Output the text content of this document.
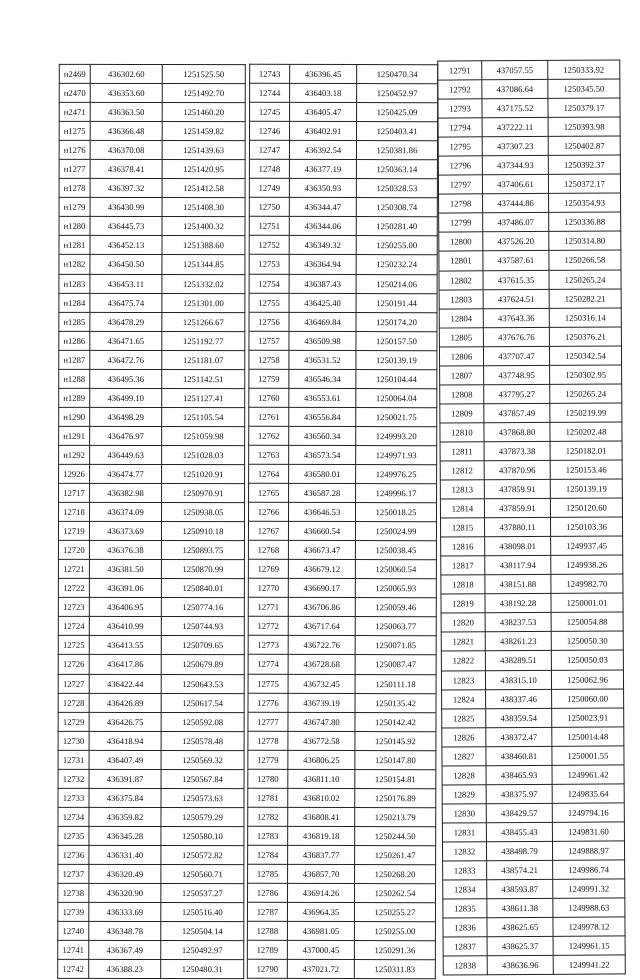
н2469	436302.60	1251525.50
н2470	436353.60	1251492.70
н2471	436363.50	1251460.20
н1275	436366.48	1251459.82
н1276	436370.08	1251439.63
н1277	436378.41	1251420.95
н1278	436397.32	1251412.58
н1279	436430.99	1251408.30
н1280	436445.73	1251400.32
н1281	436452.13	1251388.60
н1282	436450.50	1251344.85
н1283	436453.11	1251332.02
н1284	436475.74	1251301.00
н1285	436478.29	1251266.67
н1286	436471.65	1251192.77
н1287	436472.76	1251181.07
н1288	436495.36	1251142.51
н1289	436499.10	1251127.41
н1290	436498.29	1251105.54
н1291	436476.97	1251059.98
н1292	436449.63	1251028.03
12926	436474.77	1251020.91
12717	436382.98	1250970.91
12718	436374.09	1250938.05
12719	436373.69	1250910.18
12720	436376.38	1250893.75
12721	436381.50	1250870.99
12722	436391.06	1250840.01
12723	436406.95	1250774.16
12724	436410.99	1250744.93
12725	436413.55	1250709.65
12726	436417.86	1250679.89
12727	436422.44	1250643.53
12728	436426.89	1250617.54
12729	436426.75	1250592.08
12730	436418.94	1250578.48
12731	436407.49	1250569.32
12732	436391.87	1250567.84
12733	436375.84	1250573.63
12734	436359.82	1250579.29
12735	436345.28	1250580.10
12736	436331.40	1250572.82
12737	436320.49	1250560.71
12738	436320.90	1250537.27
12739	436333.69	1250516.40
12740	436348.78	1250504.14
12741	436367.49	1250492.97
12742	436388.23	1250480.31
12743	436396.45	1250470.34
12744	436403.18	1250452.97
12745	436405.47	1250425.09
12746	436402.91	1250403.41
12747	436392.54	1250381.86
12748	436377.19	1250363.14
12749	436350.93	1250328.53
12750	436344.47	1250308.74
12751	436344.06	1250281.40
12752	436349.32	1250255.00
12753	436364.94	1250232.24
12754	436387.43	1250214.06
12755	436425.40	1250191.44
12756	436469.84	1250174.20
12757	436509.98	1250157.50
12758	436531.52	1250139.19
12759	436546.34	1250104.44
12760	436553.61	1250064.04
12761	436556.84	1250021.75
12762	436560.34	1249993.20
12763	436573.54	1249971.93
12764	436580.01	1249976.25
12765	436587.28	1249996.17
12766	436646.53	1250018.25
12767	436660.54	1250024.99
12768	436673.47	1250038.45
12769	436679.12	1250060.54
12770	436690.17	1250065.93
12771	436706.86	1250059.46
12772	436717.64	1250063.77
12773	436722.76	1250071.85
12774	436728.68	1250087.47
12775	436732.45	1250111.18
12776	436739.19	1250135.42
12777	436747.80	1250142.42
12778	436772.58	1250145.92
12779	436806.25	1250147.80
12780	436811.10	1250154.81
12781	436810.02	1250176.89
12782	436808.41	1250213.79
12783	436819.18	1250244.50
12784	436837.77	1250261.47
12785	436857.70	1250268.20
12786	436914.26	1250262.54
12787	436964.35	1250255.27
12788	436981.05	1250255.00
12789	437000.45	1250291.36
12790	437021.72	1250311.83
12791	437057.55	1250333.92
12792	437086.64	1250345.50
12793	437175.52	1250379.17
12794	437222.11	1250393.98
12795	437307.23	1250402.87
12796	437344.93	1250392.37
12797	437406.61	1250372.17
12798	437444.86	1250354.93
12799	437486.07	1250336.88
12800	437526.20	1250314.80
12801	437587.61	1250266.58
12802	437615.35	1250265.24
12803	437624.51	1250282.21
12804	437643.36	1250316.14
12805	437676.76	1250376.21
12806	437707.47	1250342.54
12807	437748.95	1250302.95
12808	437795.27	1250265.24
12809	437857.49	1250219.99
12810	437868.80	1250202.48
12811	437873.38	1250182.01
12812	437870.96	1250153.46
12813	437859.91	1250139.19
12814	437859.91	1250120.60
12815	437880.11	1250103.36
12816	438098.01	1249937.45
12817	438117.94	1249938.26
12818	438151.88	1249982.70
12819	438192.28	1250001.01
12820	438237.53	1250054.88
12821	438261.23	1250050.30
12822	438289.51	1250050.03
12823	438315.10	1250062.96
12824	438337.46	1250060.00
12825	438359.54	1250023.91
12826	438372.47	1250014.48
12827	438460.81	1250001.55
12828	438465.93	1249961.42
12829	438375.97	1249835.64
12830	438429.57	1249794.16
12831	438455.43	1249831.60
12832	438498.79	1249888.97
12833	438574.21	1249986.74
12834	438593.87	1249991.32
12835	438611.38	1249988.63
12836	438625.65	1249978.12
12837	438625.37	1249961.15
12838	438636.96	1249941.22
